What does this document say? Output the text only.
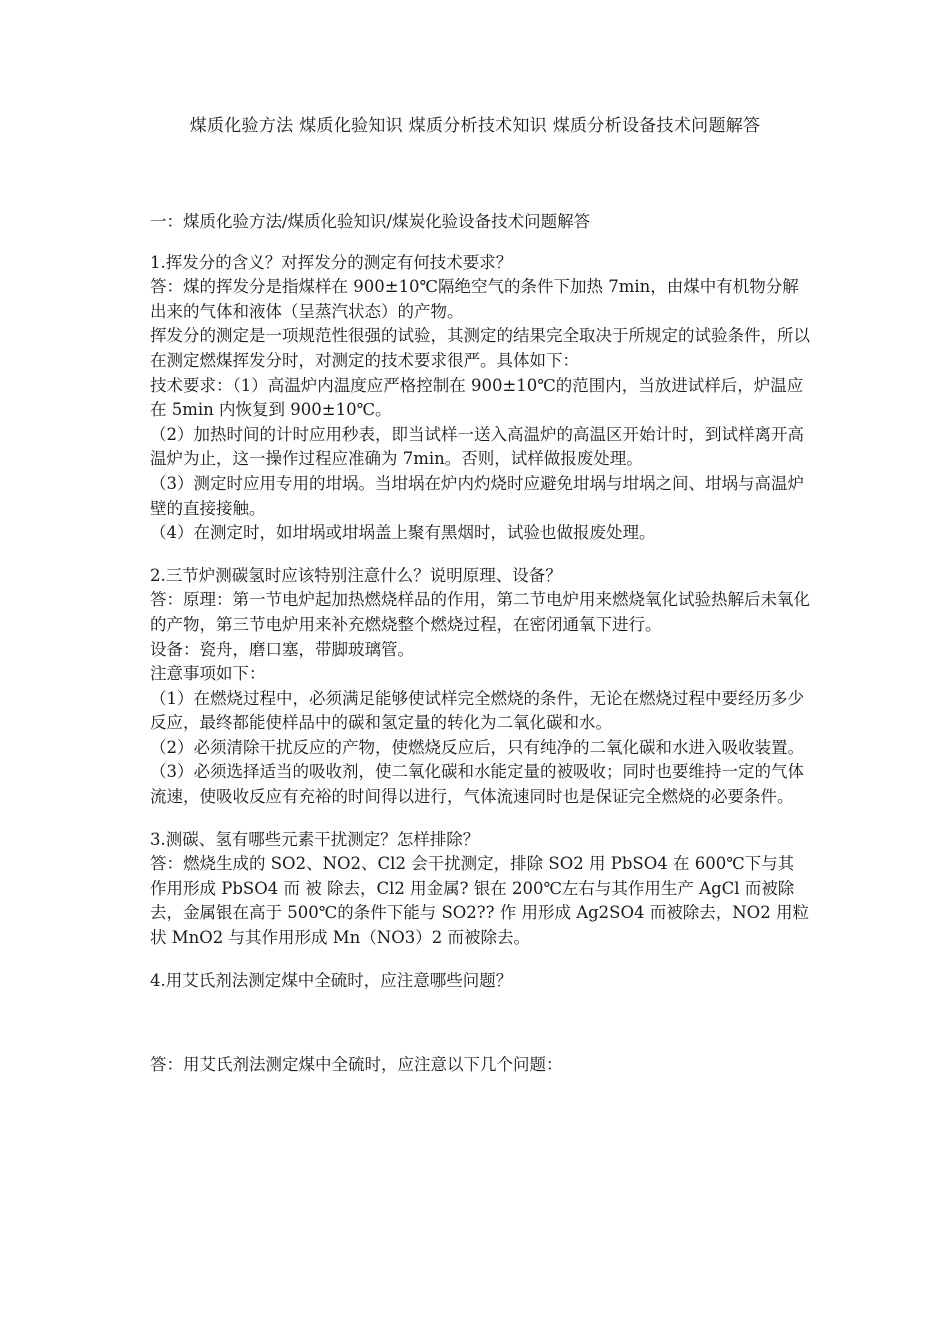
煤质化验方法 煤质化验知识 煤质分析技术知识 煤质分析设备技术问题解答

一：煤质化验方法/煤质化验知识/煤炭化验设备技术问题解答

1.挥发分的含义？对挥发分的测定有何技术要求？

答：煤的挥发分是指煤样在 900±10℃隔绝空气的条件下加热 7min，由煤中有机物分解出来的气体和液体（呈蒸汽状态）的产物。

挥发分的测定是一项规范性很强的试验，其测定的结果完全取决于所规定的试验条件，所以在测定燃煤挥发分时，对测定的技术要求很严。具体如下：

技术要求：（1）高温炉内温度应严格控制在 900±10℃的范围内，当放进试样后，炉温应在 5min 内恢复到 900±10℃。

（2）加热时间的计时应用秒表，即当试样一送入高温炉的高温区开始计时，到试样离开高温炉为止，这一操作过程应准确为 7min。否则，试样做报废处理。

（3）测定时应用专用的坩埚。当坩埚在炉内灼烧时应避免坩埚与坩埚之间、坩埚与高温炉壁的直接接触。

（4）在测定时，如坩埚或坩埚盖上聚有黑烟时，试验也做报废处理。

2.三节炉测碳氢时应该特别注意什么？说明原理、设备？

答：原理：第一节电炉起加热燃烧样品的作用，第二节电炉用来燃烧氧化试验热解后未氧化的产物，第三节电炉用来补充燃烧整个燃烧过程，在密闭通氧下进行。

设备：瓷舟，磨口塞，带脚玻璃管。

注意事项如下：

（1）在燃烧过程中，必须满足能够使试样完全燃烧的条件，无论在燃烧过程中要经历多少反应，最终都能使样品中的碳和氢定量的转化为二氧化碳和水。

（2）必须清除干扰反应的产物，使燃烧反应后，只有纯净的二氧化碳和水进入吸收装置。

（3）必须选择适当的吸收剂，使二氧化碳和水能定量的被吸收；同时也要维持一定的气体流速，使吸收反应有充裕的时间得以进行，气体流速同时也是保证完全燃烧的必要条件。

3.测碳、氢有哪些元素干扰测定？怎样排除？

答：燃烧生成的 SO2、NO2、Cl2 会干扰测定，排除 SO2 用 PbSO4 在 600℃下与其作用形成 PbSO4 而 被 除去，Cl2 用金属? 银在 200℃左右与其作用生产 AgCl 而被除去，金属银在高于 500℃的条件下能与 SO2?? 作 用形成 Ag2SO4 而被除去，NO2 用粒状 MnO2 与其作用形成 Mn（NO3）2 而被除去。

4.用艾氏剂法测定煤中全硫时，应注意哪些问题？

答：用艾氏剂法测定煤中全硫时，应注意以下几个问题：
